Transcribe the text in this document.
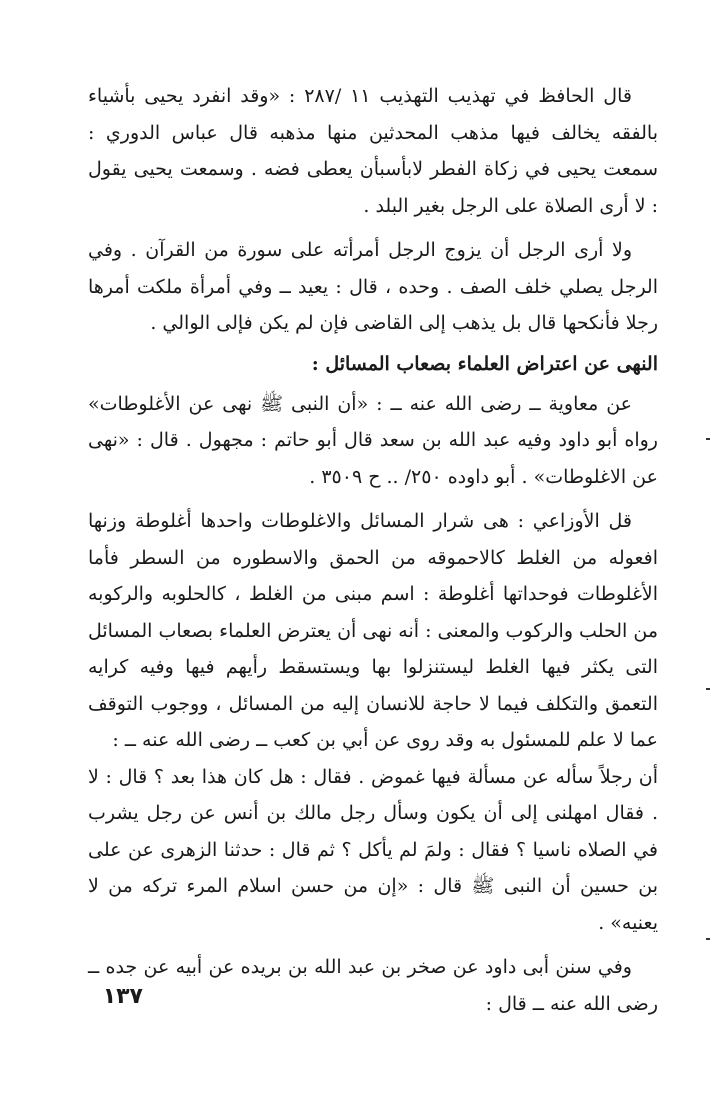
قال الحافظ في تهذيب التهذيب ١١ /٢٨٧ : «وقد انفرد يحيى بأشياء بالفقه يخالف فيها مذهب المحدثين منها مذهبه قال عباس الدوري : سمعت يحيى في زكاة الفطر لابأسبأن يعطى فضه . وسمعت يحيى يقول : لا أرى الصلاة على الرجل بغير البلد .

ولا أرى الرجل أن يزوج الرجل أمرأته على سورة من القرآن . وفي الرجل يصلي خلف الصف . وحده ، قال : يعيد ــ وفي أمرأة ملكت أمرها رجلا فأنكحها قال بل يذهب إلى القاضى فإن لم يكن فإلى الوالي .

النهى عن اعتراض العلماء بصعاب المسائل :

عن معاوية ــ رضى الله عنه ــ : «أن النبى ﷺ نهى عن الأغلوطات» رواه أبو داود وفيه عبد الله بن سعد قال أبو حاتم : مجهول . قال : «نهى عن الاغلوطات» . أبو داوده ٢٥٠/ .. ح ٣٥٠٩ .

قل الأوزاعي : هى شرار المسائل والاغلوطات واحدها أغلوطة وزنها افعوله من الغلط كالاحموقه من الحمق والاسطوره من السطر فأما الأغلوطات فوحداتها أغلوطة : اسم مبنى من الغلط ، كالحلوبه والركوبه من الحلب والركوب والمعنى : أنه نهى أن يعترض العلماء بصعاب المسائل التى يكثر فيها الغلط ليستنزلوا بها ويستسقط رأيهم فيها وفيه كرايه التعمق والتكلف فيما لا حاجة للانسان إليه من المسائل ، ووجوب التوقف عما لا علم للمسئول به وقد روى عن أبي بن كعب ــ رضى الله عنه ــ :

أن رجلاً سأله عن مسألة فيها غموض . فقال : هل كان هذا بعد ؟ قال : لا . فقال امهلنى إلى أن يكون وسأل رجل مالك بن أنس عن رجل يشرب في الصلاه ناسيا ؟ فقال : ولمَ لم يأكل ؟ ثم قال : حدثنا الزهرى عن على بن حسين أن النبى ﷺ قال : «إن من حسن اسلام المرء تركه من لا يعنيه» .

وفي سنن أبى داود عن صخر بن عبد الله بن بريده عن أبيه عن جده ــ رضى الله عنه ــ قال :

١٣٧
